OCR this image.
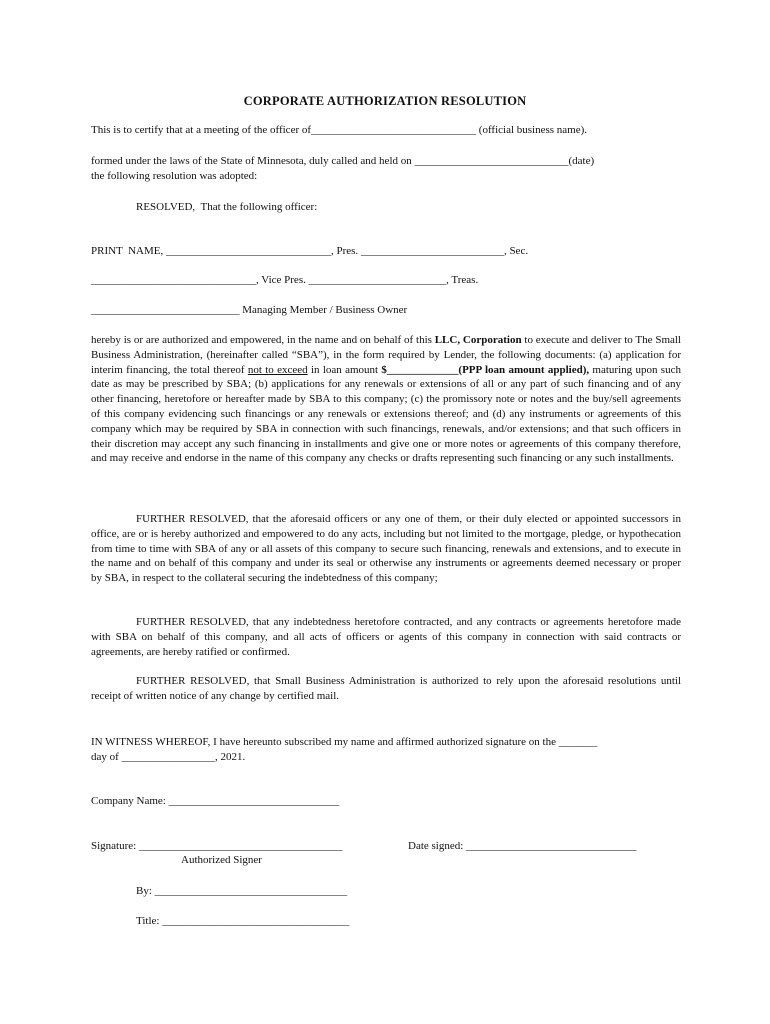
CORPORATE AUTHORIZATION RESOLUTION
This is to certify that at a meeting of the officer of______________________________ (official business name).
formed under the laws of the State of Minnesota, duly called and held on ____________________________(date)
the following resolution was adopted:
RESOLVED,  That the following officer:
PRINT  NAME, ______________________________, Pres. __________________________, Sec.
______________________________, Vice Pres. _________________________, Treas.
___________________________ Managing Member / Business Owner
hereby is or are authorized and empowered, in the name and on behalf of this LLC, Corporation to execute and deliver to The Small Business Administration, (hereinafter called “SBA”), in the form required by Lender, the following documents: (a) application for interim financing, the total thereof not to exceed in loan amount $_____________(PPP loan amount applied), maturing upon such date as may be prescribed by SBA; (b) applications for any renewals or extensions of all or any part of such financing and of any other financing, heretofore or hereafter made by SBA to this company; (c) the promissory note or notes and the buy/sell agreements of this company evidencing such financings or any renewals or extensions thereof; and (d) any instruments or agreements of this company which may be required by SBA in connection with such financings, renewals, and/or extensions; and that such officers in their discretion may accept any such financing in installments and give one or more notes or agreements of this company therefore, and may receive and endorse in the name of this company any checks or drafts representing such financing or any such installments.
FURTHER RESOLVED, that the aforesaid officers or any one of them, or their duly elected or appointed successors in office, are or is hereby authorized and empowered to do any acts, including but not limited to the mortgage, pledge, or hypothecation from time to time with SBA of any or all assets of this company to secure such financing, renewals and extensions, and to execute in the name and on behalf of this company and under its seal or otherwise any instruments or agreements deemed necessary or proper by SBA, in respect to the collateral securing the indebtedness of this company;
FURTHER RESOLVED, that any indebtedness heretofore contracted, and any contracts or agreements heretofore made with SBA on behalf of this company, and all acts of officers or agents of this company in connection with said contracts or agreements, are hereby ratified or confirmed.
FURTHER RESOLVED, that Small Business Administration is authorized to rely upon the aforesaid resolutions until receipt of written notice of any change by certified mail.
IN WITNESS WHEREOF, I have hereunto subscribed my name and affirmed authorized signature on the _______
day of _________________, 2021.
Company Name: _______________________________
Signature: _____________________________________	Date signed: _______________________________
Authorized Signer
By: ___________________________________
Title: __________________________________
